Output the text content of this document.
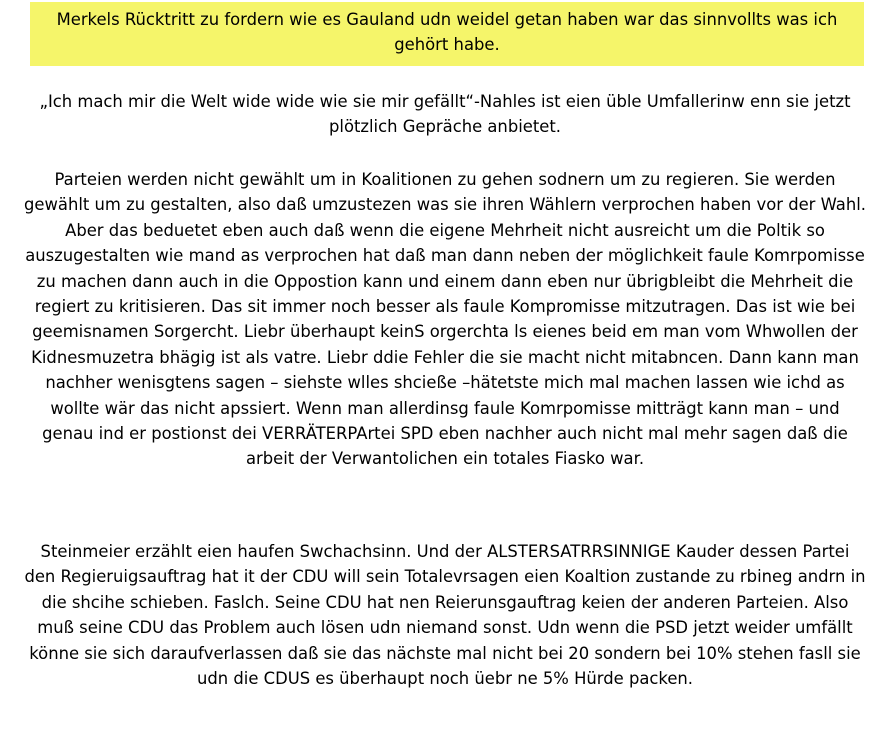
Merkels Rücktritt zu fordern wie es Gauland udn weidel getan haben war das sinnvollts was ich gehört habe.

„Ich mach mir die Welt wide wide wie sie mir gefällt“-Nahles ist eien üble Umfallerinw enn sie jetzt plötzlich Gepräche anbietet.

Parteien werden nicht gewählt um in Koalitionen zu gehen sodnern um zu regieren. Sie werden gewählt um zu gestalten, also daß umzustezen was sie ihren Wählern verprochen haben vor der Wahl. Aber das beduetet eben auch daß wenn die eigene Mehrheit nicht ausreicht um die Poltik so auszugestalten wie mand as verprochen hat daß man dann neben der möglichkeit faule Komrpomisse zu machen dann auch in die Oppostion kann und einem dann eben nur übrigbleibt die Mehrheit die regiert zu kritisieren. Das sit immer noch besser als faule Kompromisse mitzutragen. Das ist wie bei geemisnamen Sorgercht. Liebr überhaupt keinS orgerchta ls eienes beid em man vom Whwollen der Kidnesmuzetra bhägig ist als vatre. Liebr ddie Fehler die sie macht nicht mitabncen. Dann kann man nachher wenisgtens sagen – siehste wlles shcieße –hätetste mich mal machen lassen wie ichd as wollte wär das nicht apssiert. Wenn man allerdinsg faule Komrpomisse mitträgt kann man – und genau ind er postionst dei VERRÄTERPArtei SPD eben nachher auch nicht mal mehr sagen daß die arbeit der Verwantolichen ein totales Fiasko war.

Steinmeier erzählt eien haufen Swchachsinn. Und der ALSTERSATRRSINNIGE Kauder dessen Partei den Regieruigsauftrag hat it der CDU will sein Totalevrsagen eien Koaltion zustande zu rbineg andrn in die shcihe schieben. Faslch. Seine CDU hat nen Reierunsgauftrag keien der anderen Parteien. Also muß seine CDU das Problem auch lösen udn niemand sonst. Udn wenn die PSD jetzt weider umfällt könne sie sich daraufverlassen daß sie das nächste mal nicht bei 20 sondern bei 10% stehen fasll sie udn die CDUS es überhaupt noch üebr ne 5% Hürde packen.
